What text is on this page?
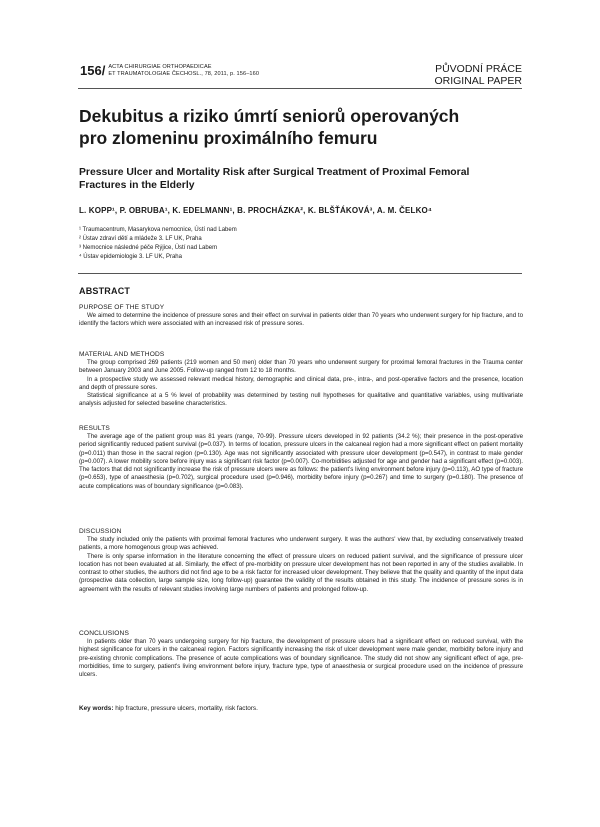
156/ ACTA CHIRURGIAE ORTHOPAEDICAE
ET TRAUMATOLOGIAE ČECHOSL., 78, 2011, p. 156–160	PŮVODNÍ PRÁCE
ORIGINAL PAPER
Dekubitus a riziko úmrtí seniorů operovaných
pro zlomeninu proximálního femuru
Pressure Ulcer and Mortality Risk after Surgical Treatment of Proximal Femoral
Fractures in the Elderly
L. KOPP¹, P. OBRUBA¹, K. EDELMANN¹, B. PROCHÁZKA², K. BLŠŤÁKOVÁ³, A. M. ČELKO⁴
¹ Traumacentrum, Masarykova nemocnice, Ústí nad Labem
² Ústav zdraví dětí a mládeže 3. LF UK, Praha
³ Nemocnice následné péče Rýjice, Ústí nad Labem
⁴ Ústav epidemiologie 3. LF UK, Praha
ABSTRACT
PURPOSE OF THE STUDY

We aimed to determine the incidence of pressure sores and their effect on survival in patients older than 70 years who underwent surgery for hip fracture, and to identify the factors which were associated with an increased risk of pressure sores.

MATERIAL AND METHODS

The group comprised 269 patients (219 women and 50 men) older than 70 years who underwent surgery for proximal femoral fractures in the Trauma center between January 2003 and June 2005. Follow-up ranged from 12 to 18 months.

In a prospective study we assessed relevant medical history, demographic and clinical data, pre-, intra-, and post-operative factors and the presence, location and depth of pressure sores.

Statistical significance at a 5 % level of probability was determined by testing null hypotheses for qualitative and quantitative variables, using multivariate analysis adjusted for selected baseline characteristics.

RESULTS

The average age of the patient group was 81 years (range, 70-99). Pressure ulcers developed in 92 patients (34.2 %); their presence in the post-operative period significantly reduced patient survival (p=0.037). In terms of location, pressure ulcers in the calcaneal region had a more significant effect on patient mortality (p=0.011) than those in the sacral region (p=0.130). Age was not significantly associated with pressure ulcer development (p=0.547), in contrast to male gender (p=0.007). A lower mobility score before injury was a significant risk factor (p=0.007). Co-morbidities adjusted for age and gender had a significant effect (p=0.003). The factors that did not significantly increase the risk of pressure ulcers were as follows: the patient's living environment before injury (p=0.113), AO type of fracture (p=0.653), type of anaesthesia (p=0.702), surgical procedure used (p=0.946), morbidity before injury (p=0.267) and time to surgery (p=0.180). The presence of acute complications was of boundary significance (p=0.083).

DISCUSSION

The study included only the patients with proximal femoral fractures who underwent surgery. It was the authors' view that, by excluding conservatively treated patients, a more homogenous group was achieved.

There is only sparse information in the literature concerning the effect of pressure ulcers on reduced patient survival, and the significance of pressure ulcer location has not been evaluated at all. Similarly, the effect of pre-morbidity on pressure ulcer development has not been reported in any of the studies available. In contrast to other studies, the authors did not find age to be a risk factor for increased ulcer development. They believe that the quality and quantity of the input data (prospective data collection, large sample size, long follow-up) guarantee the validity of the results obtained in this study. The incidence of pressure sores is in agreement with the results of relevant studies involving large numbers of patients and prolonged follow-up.

CONCLUSIONS

In patients older than 70 years undergoing surgery for hip fracture, the development of pressure ulcers had a significant effect on reduced survival, with the highest significance for ulcers in the calcaneal region. Factors significantly increasing the risk of ulcer development were male gender, morbidity before injury and pre-existing chronic complications. The presence of acute complications was of boundary significance. The study did not show any significant effect of age, pre-morbidities, time to surgery, patient's living environment before injury, fracture type, type of anaesthesia or surgical procedure used on the incidence of pressure ulcers.

Key words: hip fracture, pressure ulcers, mortality, risk factors.
